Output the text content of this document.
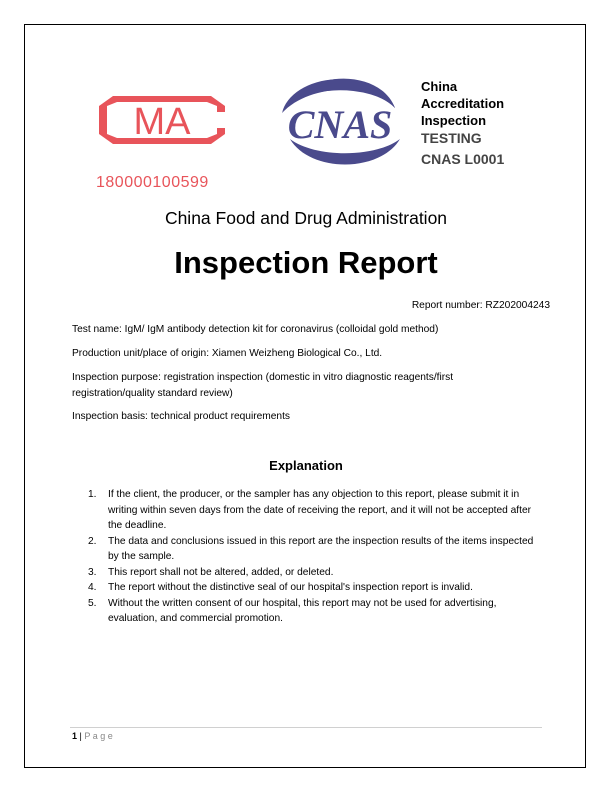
MA
180000100599
CNAS
China
Accreditation
Inspection
TESTING
CNAS L0001
China Food and Drug Administration
Inspection Report
Report number: RZ202004243
Test name: IgM/ IgM antibody detection kit for coronavirus (colloidal gold method)
Production unit/place of origin: Xiamen Weizheng Biological Co., Ltd.
Inspection purpose: registration inspection (domestic in vitro diagnostic reagents/first registration/quality standard review)
Inspection basis: technical product requirements
Explanation
1. If the client, the producer, or the sampler has any objection to this report, please submit it in writing within seven days from the date of receiving the report, and it will not be accepted after the deadline.
2. The data and conclusions issued in this report are the inspection results of the items inspected by the sample.
3. This report shall not be altered, added, or deleted.
4. The report without the distinctive seal of our hospital's inspection report is invalid.
5. Without the written consent of our hospital, this report may not be used for advertising, evaluation, and commercial promotion.
1 | P a g e
